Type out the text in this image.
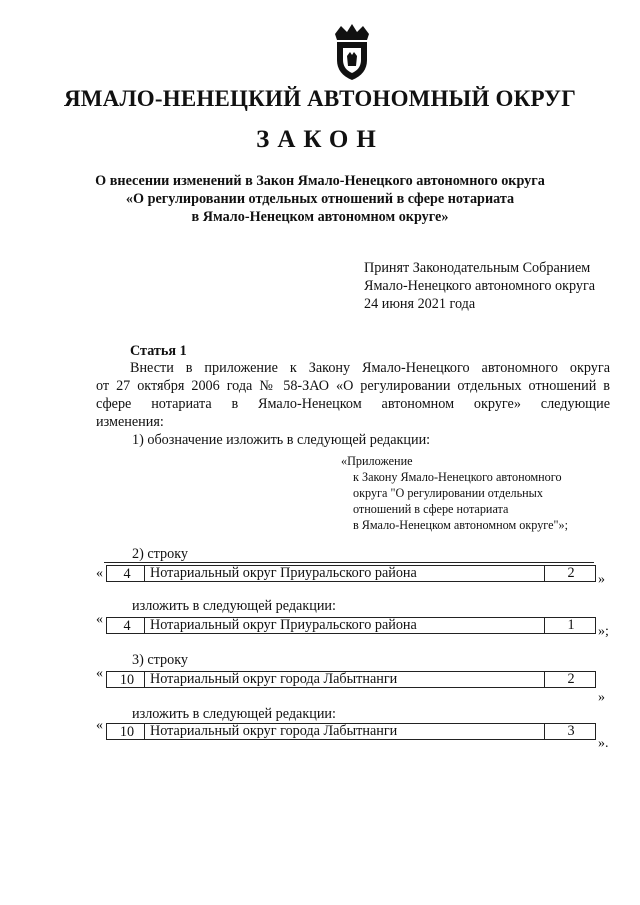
ЯМАЛО-НЕНЕЦКИЙ АВТОНОМНЫЙ ОКРУГ
ЗАКОН
О внесении изменений в Закон Ямало-Ненецкого автономного округа
«О регулировании отдельных отношений в сфере нотариата
в Ямало-Ненецком автономном округе»
Принят Законодательным Собранием
Ямало-Ненецкого автономного округа
24 июня 2021 года
Статья 1
Внести в приложение к Закону Ямало-Ненецкого автономного округа
от 27 октября 2006 года № 58-ЗАО «О регулировании отдельных отношений в
сфере нотариата в Ямало-Ненецком автономном округе» следующие
изменения:
1) обозначение изложить в следующей редакции:
«Приложение
к Закону Ямало-Ненецкого автономного
округа "О регулировании отдельных
отношений в сфере нотариата
в Ямало-Ненецком автономном округе"»;
2) строку
«	4	Нотариальный округ Приуральского района	2	»
изложить в следующей редакции:
«	4	Нотариальный округ Приуральского района	1	»;
3) строку
«	10	Нотариальный округ города Лабытнанги	2
»
изложить в следующей редакции:
«	10	Нотариальный округ города Лабытнанги	3
».
